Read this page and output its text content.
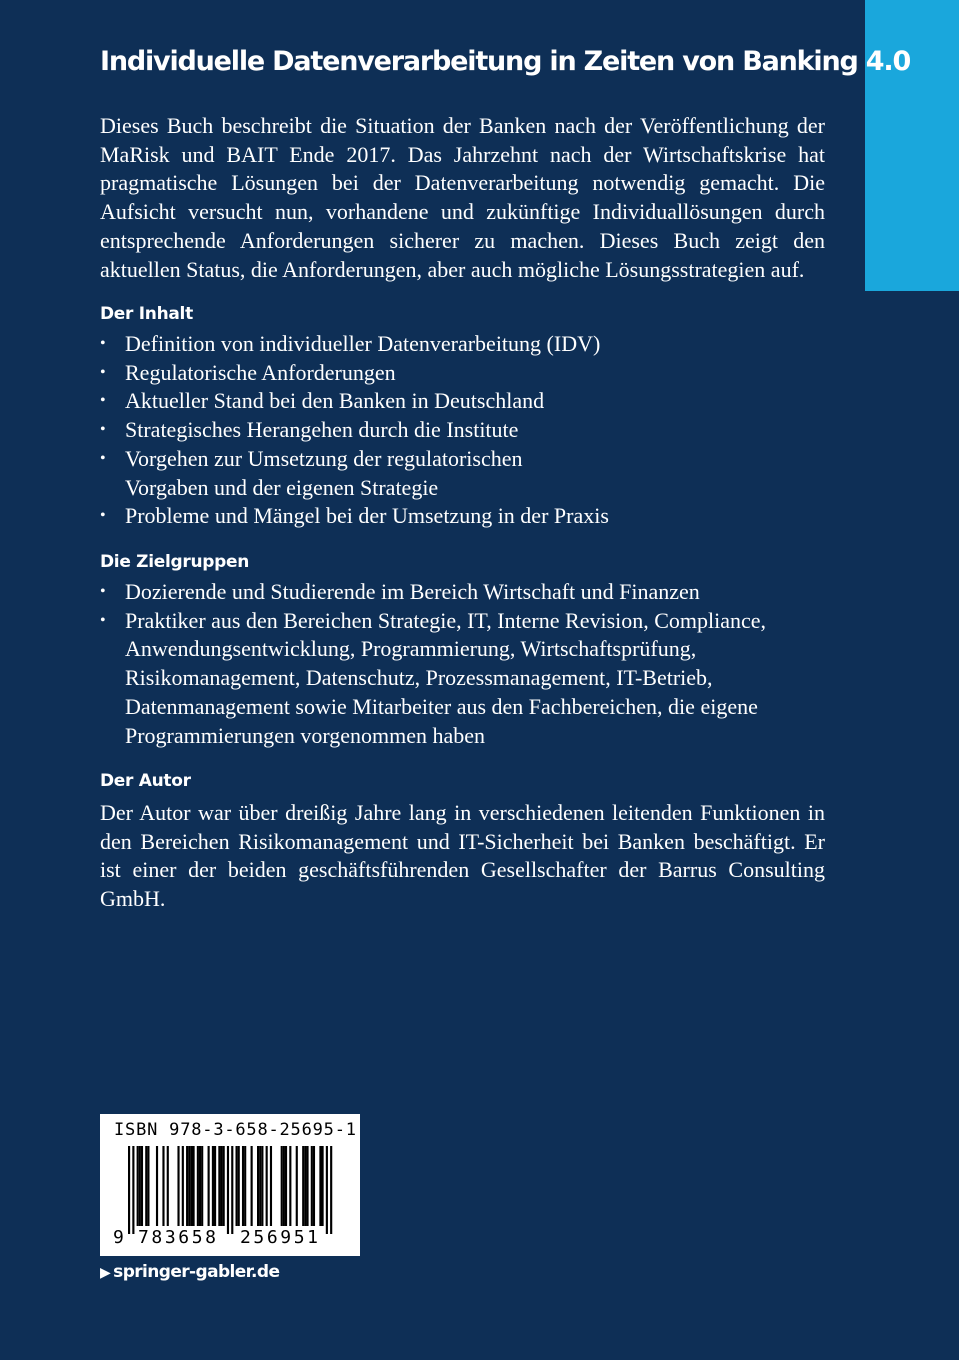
Individuelle Datenverarbeitung in Zeiten von Banking 4.0

Dieses Buch beschreibt die Situation der Banken nach der Veröffentlichung der MaRisk und BAIT Ende 2017. Das Jahrzehnt nach der Wirtschaftskrise hat pragmatische Lösungen bei der Datenverarbeitung notwendig gemacht. Die Aufsicht versucht nun, vorhandene und zukünftige Individuallösungen durch entsprechende Anforderungen sicherer zu machen. Dieses Buch zeigt den aktuellen Status, die Anforderungen, aber auch mögliche Lösungsstrategien auf.

Der Inhalt
• Definition von individueller Datenverarbeitung (IDV)
• Regulatorische Anforderungen
• Aktueller Stand bei den Banken in Deutschland
• Strategisches Herangehen durch die Institute
• Vorgehen zur Umsetzung der regulatorischen Vorgaben und der eigenen Strategie
• Probleme und Mängel bei der Umsetzung in der Praxis
Die Zielgruppen
• Dozierende und Studierende im Bereich Wirtschaft und Finanzen
• Praktiker aus den Bereichen Strategie, IT, Interne Revision, Compliance, Anwendungsentwicklung, Programmierung, Wirtschaftsprüfung, Risikomanagement, Datenschutz, Prozessmanagement, IT-Betrieb, Datenmanagement sowie Mitarbeiter aus den Fachbereichen, die eigene Programmierungen vorgenommen haben
Der Autor

Der Autor war über dreißig Jahre lang in verschiedenen leitenden Funktionen in den Bereichen Risikomanagement und IT-Sicherheit bei Banken beschäftigt. Er ist einer der beiden geschäftsführenden Gesellschafter der Barrus Consulting GmbH.

ISBN 978-3-658-25695-1
9 783658 256951
▶ springer-gabler.de
